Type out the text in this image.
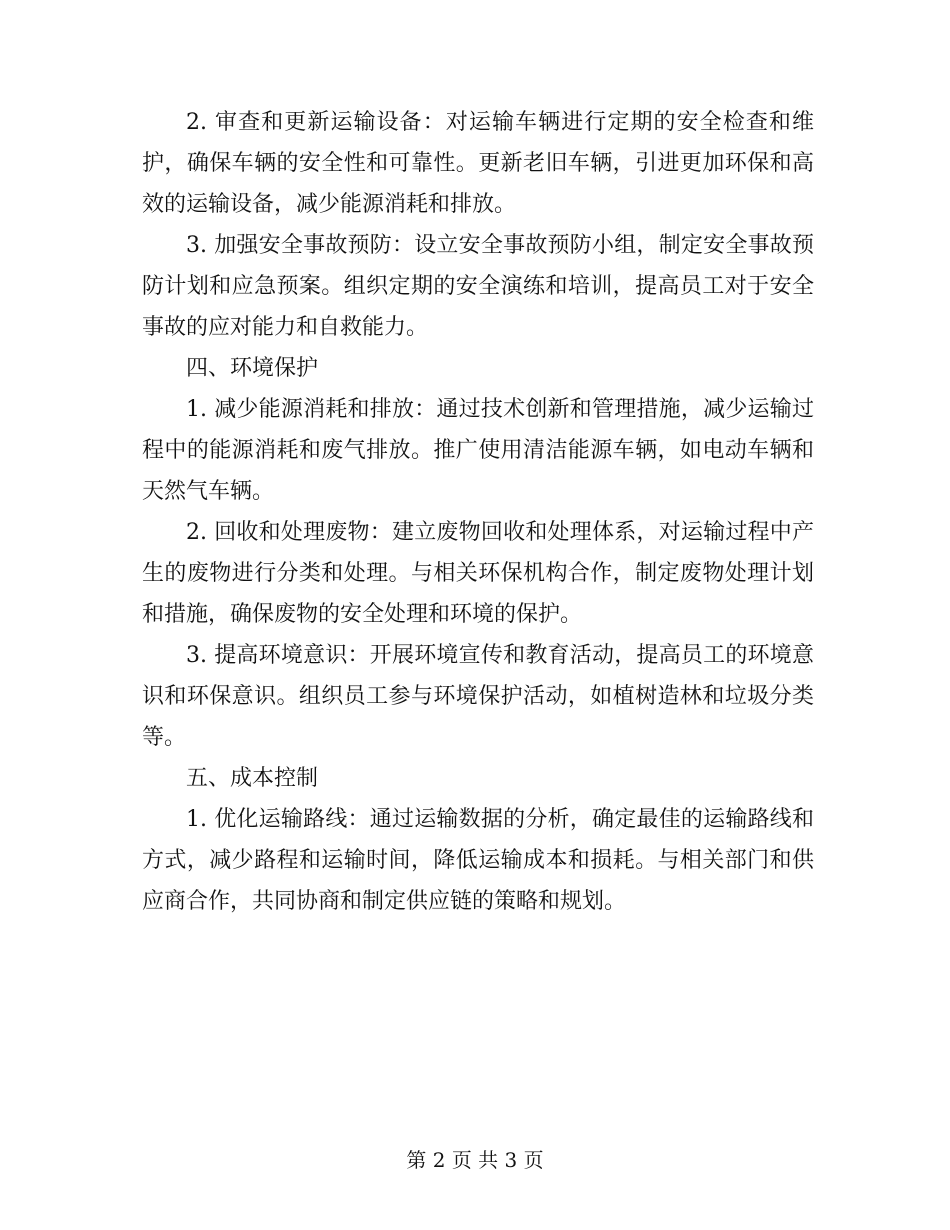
2. 审查和更新运输设备：对运输车辆进行定期的安全检查和维护，确保车辆的安全性和可靠性。更新老旧车辆，引进更加环保和高效的运输设备，减少能源消耗和排放。

3. 加强安全事故预防：设立安全事故预防小组，制定安全事故预防计划和应急预案。组织定期的安全演练和培训，提高员工对于安全事故的应对能力和自救能力。

四、环境保护

1. 减少能源消耗和排放：通过技术创新和管理措施，减少运输过程中的能源消耗和废气排放。推广使用清洁能源车辆，如电动车辆和天然气车辆。

2. 回收和处理废物：建立废物回收和处理体系，对运输过程中产生的废物进行分类和处理。与相关环保机构合作，制定废物处理计划和措施，确保废物的安全处理和环境的保护。

3. 提高环境意识：开展环境宣传和教育活动，提高员工的环境意识和环保意识。组织员工参与环境保护活动，如植树造林和垃圾分类等。

五、成本控制

1. 优化运输路线：通过运输数据的分析，确定最佳的运输路线和方式，减少路程和运输时间，降低运输成本和损耗。与相关部门和供应商合作，共同协商和制定供应链的策略和规划。

第 2 页 共 3 页
